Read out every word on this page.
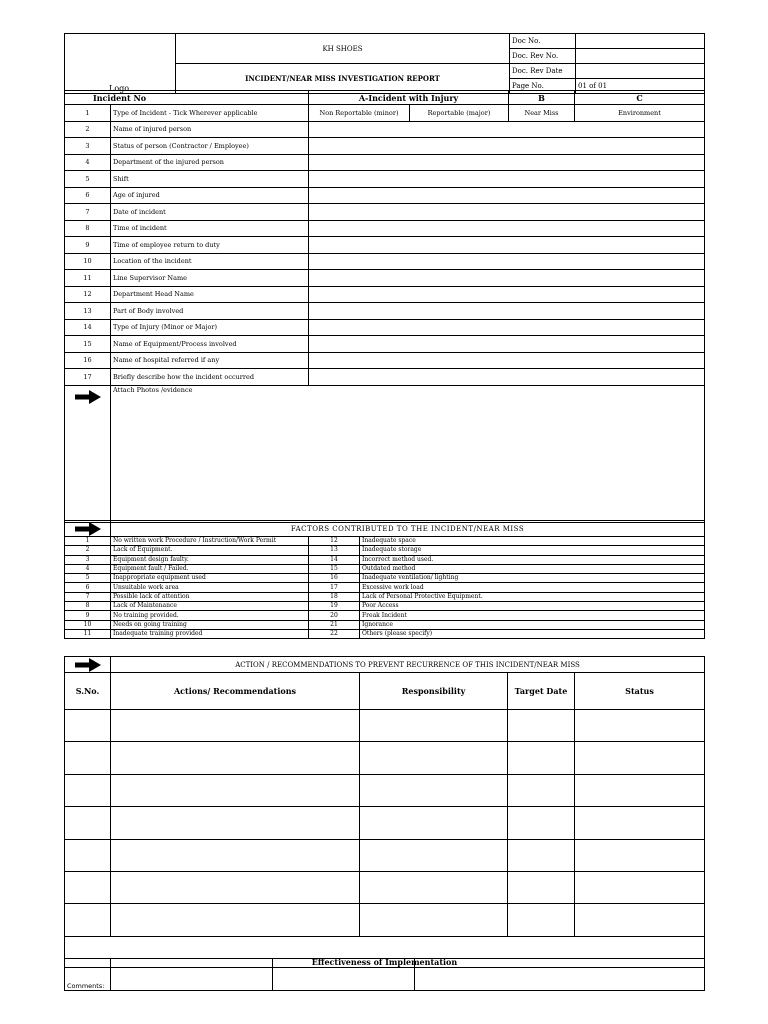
Logo	KH SHOES	Doc No.	
		Doc. Rev No.	
	INCIDENT/NEAR MISS INVESTIGATION REPORT	Doc. Rev Date	
		Page No.	01 of 01
Incident No		A-Incident with Injury		B	C
1	Type of Incident - Tick Wherever applicable	Non Reportable (minor)	Reportable (major)	Near Miss	Environment
2	Name of injured person				
3	Status of person (Contractor / Employee)				
4	Department of the injured person				
5	Shift				
6	Age of injured				
7	Date of incident				
8	Time of incident				
9	Time of employee return to duty				
10	Location of the incident				
11	Line Supervisor Name				
12	Department Head Name				
13	Part of Body involved				
14	Type of Injury (Minor or Major)				
15	Name of Equipment/Process involved				
16	Name of hospital referred if any				
17	Briefly describe how the incident occurred				

	Attach Photos /evidence				
	FACTORS CONTRIBUTED TO THE INCIDENT/NEAR MISS		
1	No written work Procedure / Instruction/Work Permit	12	Inadequate space
2	Lack of Equipment.	13	Inadequate storage
3	Equipment design faulty.	14	Incorrect method used.
4	Equipment fault / Failed.	15	Outdated method
5	Inappropriate equipment used	16	Inadequate ventilation/ lighting
6	Unsuitable work area	17	Excessive work load
7	Possible lack of attention	18	Lack of Personal Protective Equipment.
8	Lack of Maintenance	19	Poor Access
9	No training provided.	20	Freak Incident
10	Needs on going training	21	Ignorance
11	Inadequate training provided	22	Others (please specify)
	ACTION / RECOMMENDATIONS TO PREVENT RECURRENCE OF THIS INCIDENT/NEAR MISS			
S.No.	Actions/ Recommendations	Responsibility	Target Date	Status

Effectiveness of Implementation				
Comments:			
